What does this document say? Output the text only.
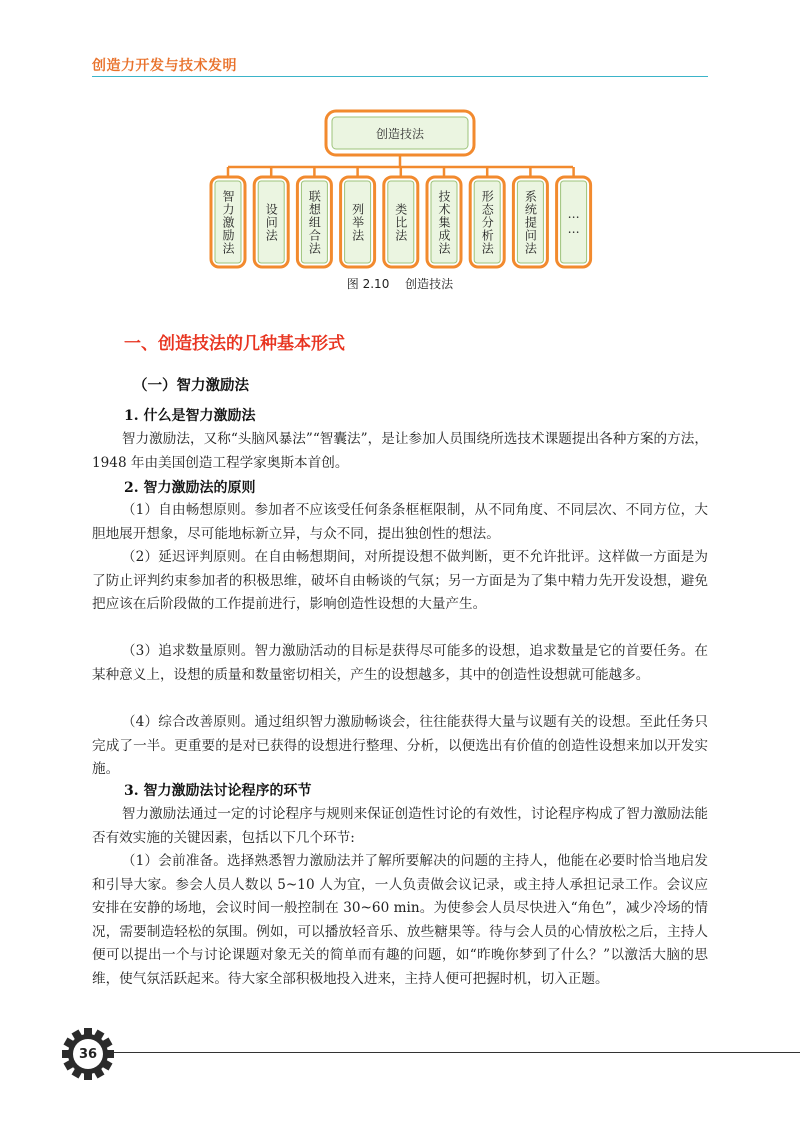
创造力开发与技术发明
创造技法
智力激励法 设问法 联想组合法 列举法 类比法 技术集成法 形态分析法 系统提问法 ……
图 2.10 创造技法
一、创造技法的几种基本形式
（一）智力激励法
1. 什么是智力激励法

智力激励法，又称“头脑风暴法”“智囊法”，是让参加人员围绕所选技术课题提出各种方案的方法，1948 年由美国创造工程学家奥斯本首创。

2. 智力激励法的原则

（1）自由畅想原则。参加者不应该受任何条条框框限制，从不同角度、不同层次、不同方位，大胆地展开想象，尽可能地标新立异，与众不同，提出独创性的想法。

（2）延迟评判原则。在自由畅想期间，对所提设想不做判断，更不允许批评。这样做一方面是为了防止评判约束参加者的积极思维，破坏自由畅谈的气氛；另一方面是为了集中精力先开发设想，避免把应该在后阶段做的工作提前进行，影响创造性设想的大量产生。

（3）追求数量原则。智力激励活动的目标是获得尽可能多的设想，追求数量是它的首要任务。在某种意义上，设想的质量和数量密切相关，产生的设想越多，其中的创造性设想就可能越多。

（4）综合改善原则。通过组织智力激励畅谈会，往往能获得大量与议题有关的设想。至此任务只完成了一半。更重要的是对已获得的设想进行整理、分析，以便选出有价值的创造性设想来加以开发实施。

3. 智力激励法讨论程序的环节

智力激励法通过一定的讨论程序与规则来保证创造性讨论的有效性，讨论程序构成了智力激励法能否有效实施的关键因素，包括以下几个环节:

（1）会前准备。选择熟悉智力激励法并了解所要解决的问题的主持人，他能在必要时恰当地启发和引导大家。参会人员人数以 5~10 人为宜，一人负责做会议记录，或主持人承担记录工作。会议应安排在安静的场地，会议时间一般控制在 30~60 min。为使参会人员尽快进入“角色”，减少冷场的情况，需要制造轻松的氛围。例如，可以播放轻音乐、放些糖果等。待与会人员的心情放松之后，主持人便可以提出一个与讨论课题对象无关的简单而有趣的问题，如“昨晚你梦到了什么？”以激活大脑的思维，使气氛活跃起来。待大家全部积极地投入进来，主持人便可把握时机，切入正题。

36
